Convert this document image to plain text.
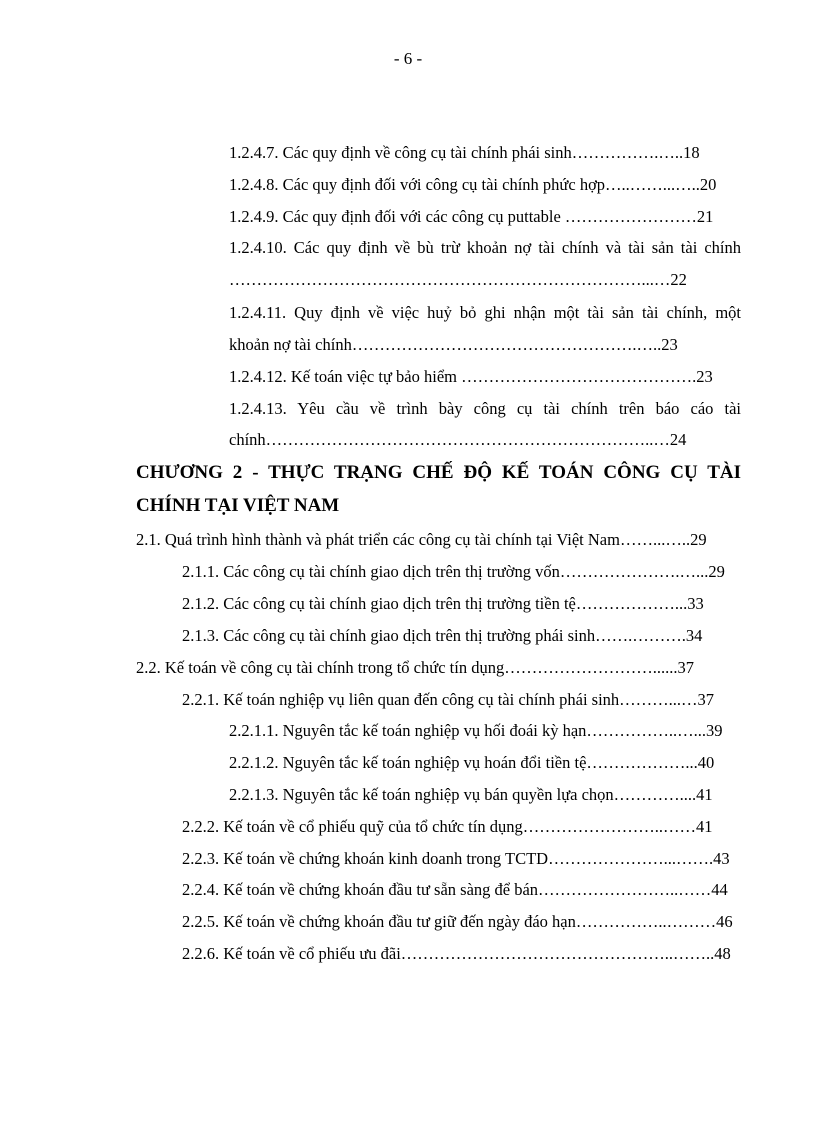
- 6 -
1.2.4.7. Các quy định về công cụ tài chính phái sinh…………….…..18
1.2.4.8. Các quy định đối với công cụ tài chính phức hợp…..……...…..20
1.2.4.9. Các quy định đối với các công cụ puttable ……………………21
1.2.4.10. Các quy định về bù trừ khoản nợ tài chính và tài sản tài chính
…………………………………………………………………...…22
1.2.4.11. Quy định về việc huỷ bỏ ghi nhận một tài sản tài chính, một
khoản nợ tài chính…………………………………………….…..23
1.2.4.12. Kế toán việc tự bảo hiểm …………………………………….23
1.2.4.13. Yêu cầu về trình bày công cụ tài chính trên báo cáo tài
chính……………………………………………………………..…24
CHƯƠNG 2 - THỰC TRẠNG CHẾ ĐỘ KẾ TOÁN CÔNG CỤ TÀI
CHÍNH TẠI VIỆT NAM
2.1. Quá trình hình thành và phát triển các công cụ tài chính tại Việt Nam……...…..29
2.1.1. Các công cụ tài chính giao dịch trên thị trường vốn………………….…...29
2.1.2. Các công cụ tài chính giao dịch trên thị trường tiền tệ………………...33
2.1.3. Các công cụ tài chính giao dịch trên thị trường phái sinh…….……….34
2.2. Kế toán về công cụ tài chính trong tổ chức tín dụng………………………......37
2.2.1. Kế toán nghiệp vụ liên quan đến công cụ tài chính phái sinh………...…37
2.2.1.1. Nguyên tắc kế toán nghiệp vụ hối đoái kỳ hạn……………..…...39
2.2.1.2. Nguyên tắc kế toán nghiệp vụ hoán đổi tiền tệ………………...40
2.2.1.3. Nguyên tắc kế toán nghiệp vụ bán quyền lựa chọn…………....41
2.2.2. Kế toán về cổ phiếu quỹ của tổ chức tín dụng……………………..……41
2.2.3. Kế toán về chứng khoán kinh doanh trong TCTD…………………...…….43
2.2.4. Kế toán về chứng khoán đầu tư sẵn sàng để bán……………………..……44
2.2.5. Kế toán về chứng khoán đầu tư giữ đến ngày đáo hạn……………..………46
2.2.6. Kế toán về cổ phiếu ưu đãi…………………………………………..……..48
